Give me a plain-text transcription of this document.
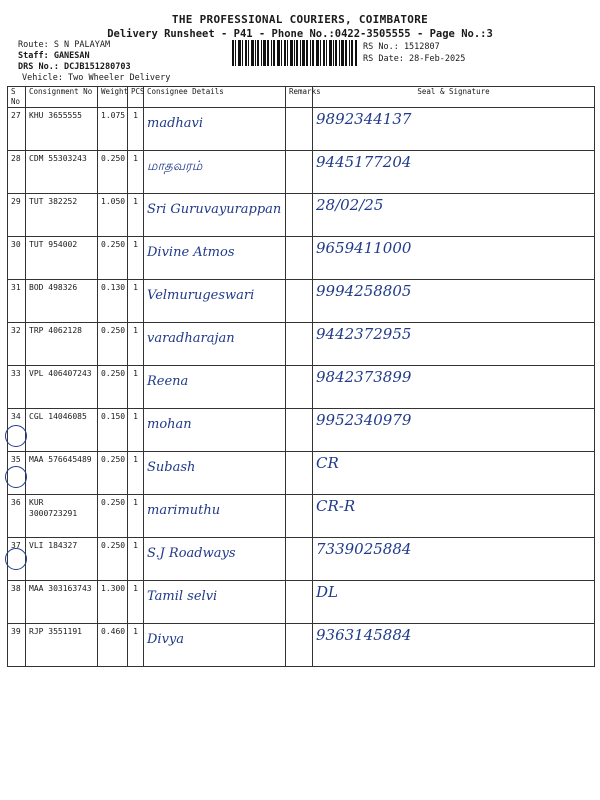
THE PROFESSIONAL COURIERS, COIMBATORE
Delivery Runsheet - P41 - Phone No.:0422-3505555 - Page No.:3
Route: S N PALAYAM
Staff: GANESAN
DRS No.: DCJB151280703
Vehicle: Two Wheeler Delivery
RS No.: 1512807
RS Date: 28-Feb-2025
S No	Consignment No	Weight	PCS	Consignee Details	Remarks	Seal & Signature
27	KHU 3655555	1.075	1	madhavi		9892344137

28	CDM 55303243	0.250	1	மாதவரம்		9445177204

29	TUT 382252	1.050	1	Sri Guruvayurappan		28/02/25

30	TUT 954002	0.250	1	Divine Atmos		9659411000

31	BOD 498326	0.130	1	Velmurugeswari		9994258805

32	TRP 4062128	0.250	1	varadharajan		9442372955

33	VPL 406407243	0.250	1	Reena		9842373899

34	CGL 14046085	0.150	1	mohan		9952340979

35	MAA 576645489	0.250	1	Subash		CR

36	KUR 3000723291	0.250	1	marimuthu		CR-R

37	VLI 184327	0.250	1	S.J Roadways		7339025884

38	MAA 303163743	1.300	1	Tamil selvi		DL

39	RJP 3551191	0.460	1	Divya		9363145884
